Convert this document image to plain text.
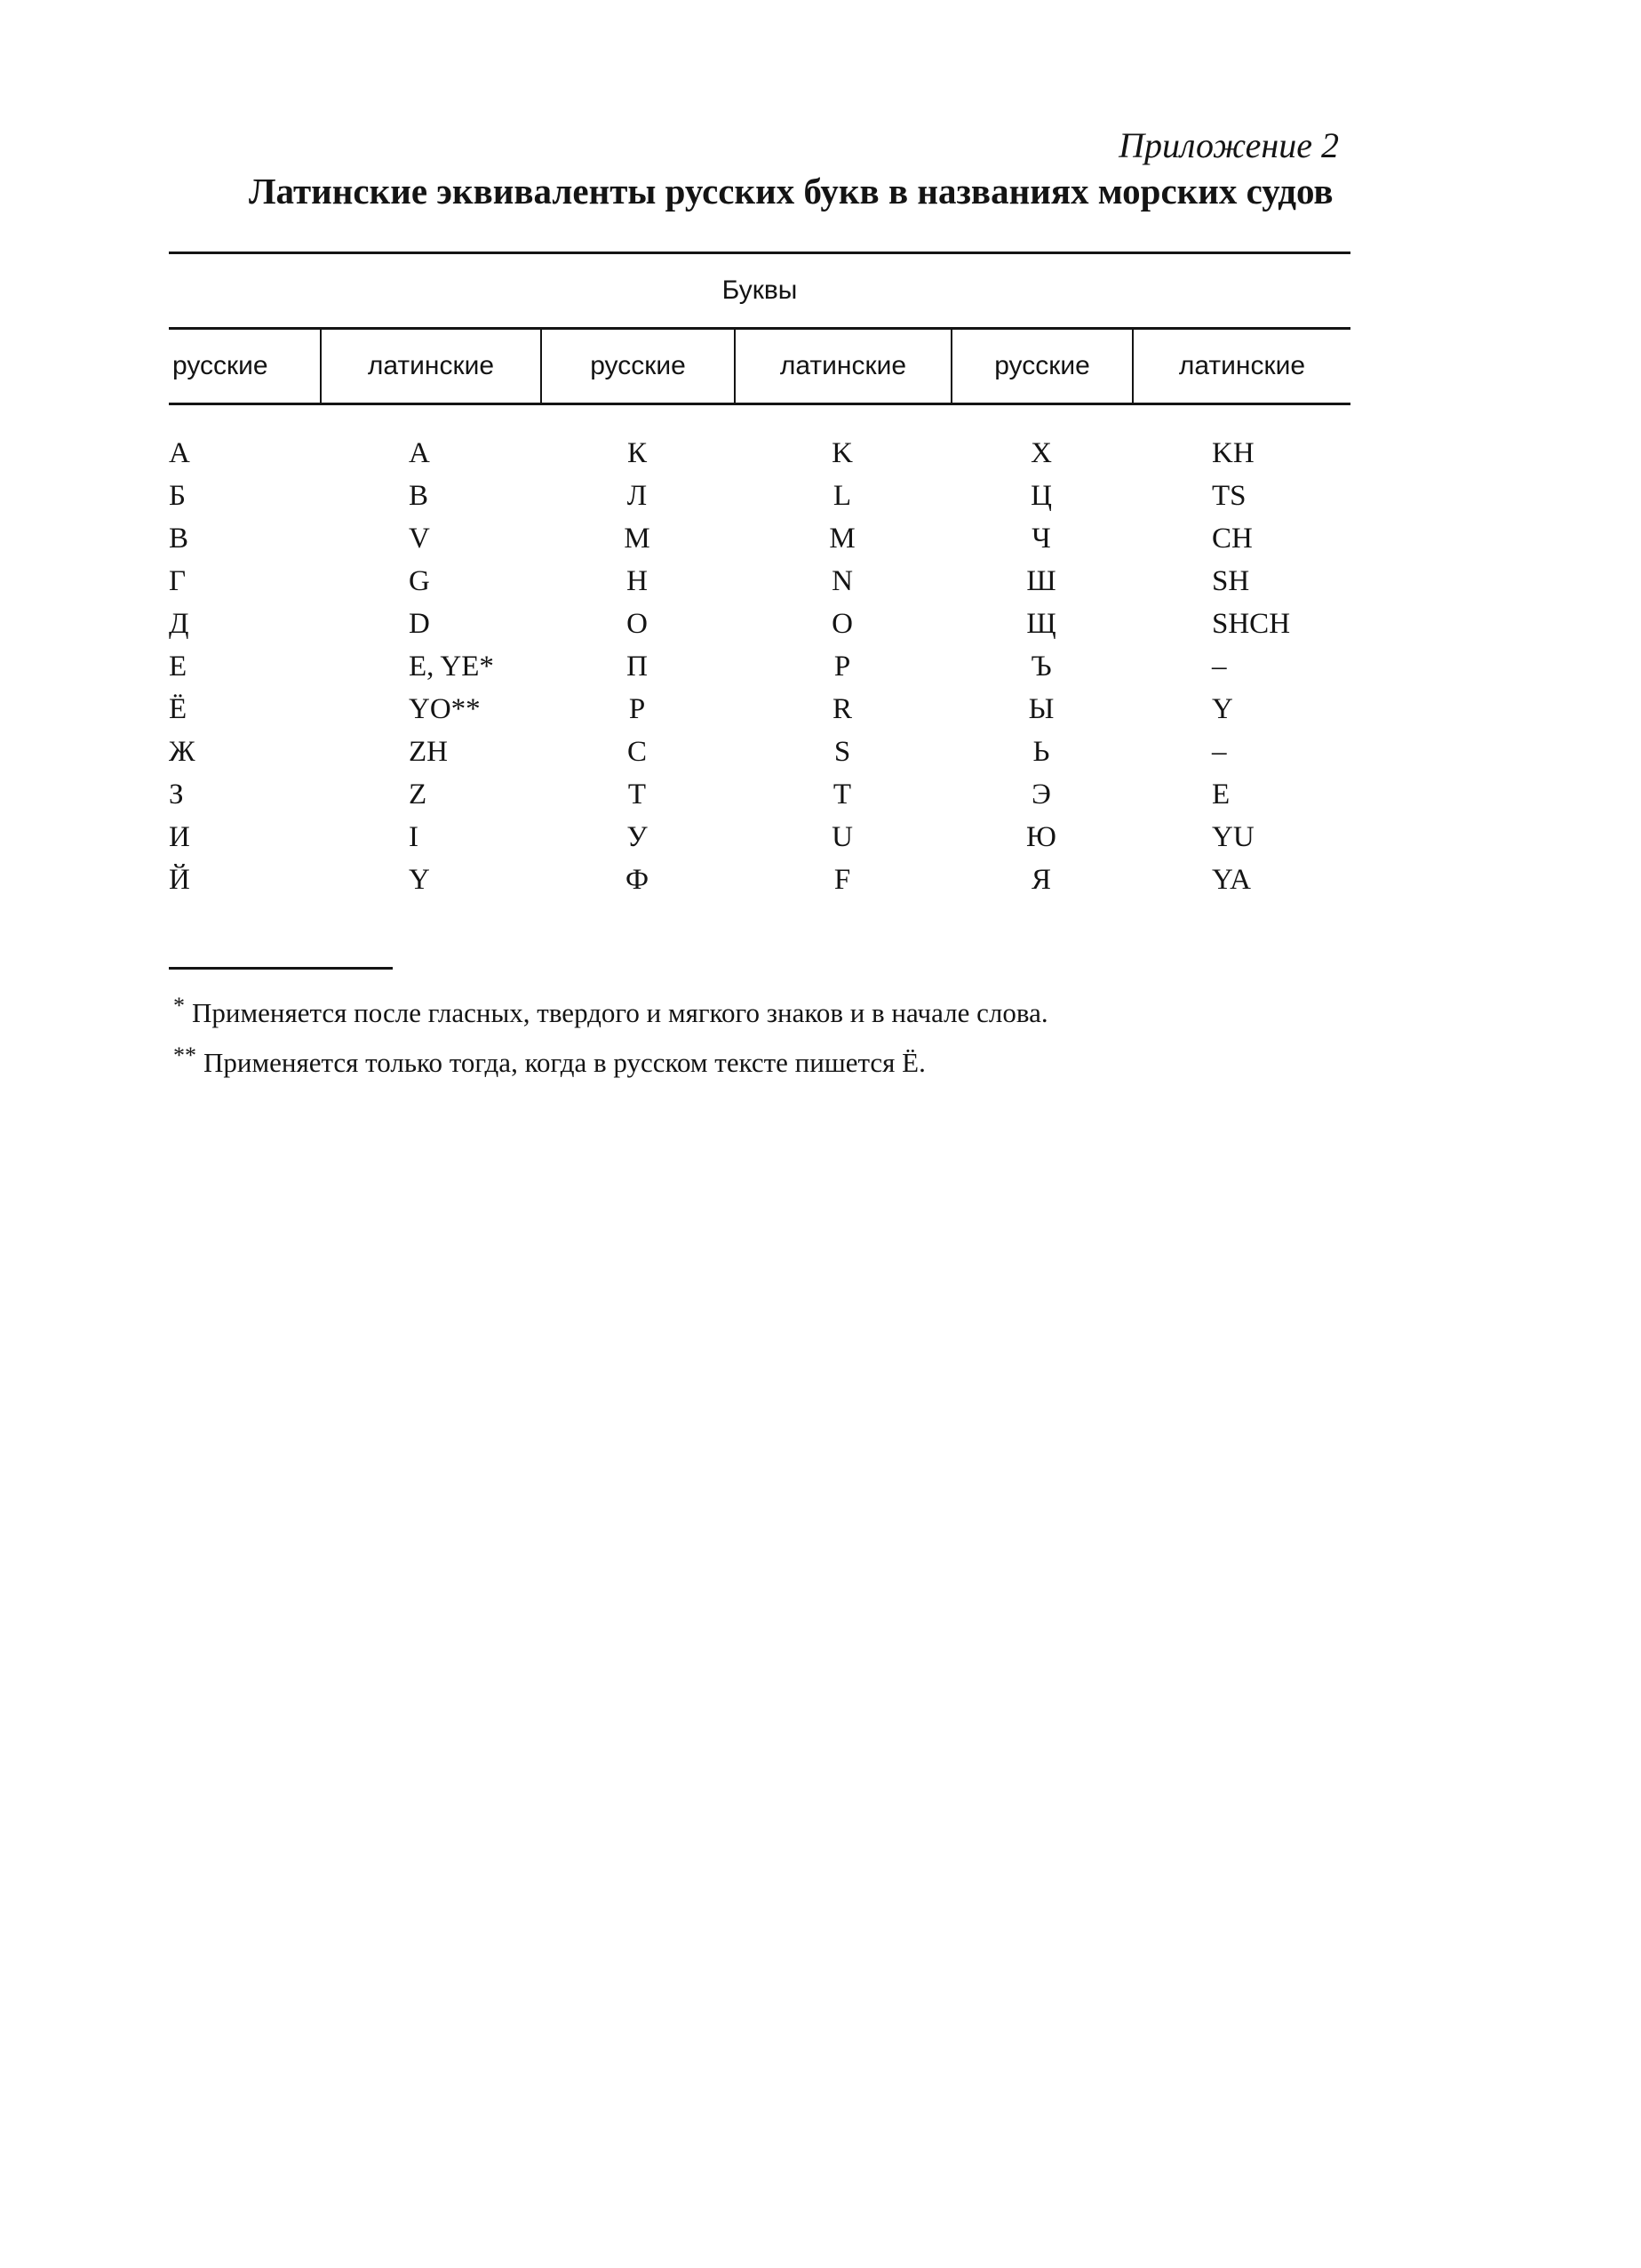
Приложение 2
Латинские эквиваленты русских букв в названиях морских судов
Буквы
русские	латинские	русские	латинские	русские	латинские
А	A	К	K	Х	KH
Б	B	Л	L	Ц	TS
В	V	М	M	Ч	CH
Г	G	Н	N	Ш	SH
Д	D	О	O	Щ	SHCH
Е	E, YE*	П	P	Ъ	–
Ё	YO**	Р	R	Ы	Y
Ж	ZH	С	S	Ь	–
З	Z	Т	T	Э	E
И	I	У	U	Ю	YU
Й	Y	Ф	F	Я	YA
* Применяется после гласных, твердого и мягкого знаков и в начале слова.
** Применяется только тогда, когда в русском тексте пишется Ё.
